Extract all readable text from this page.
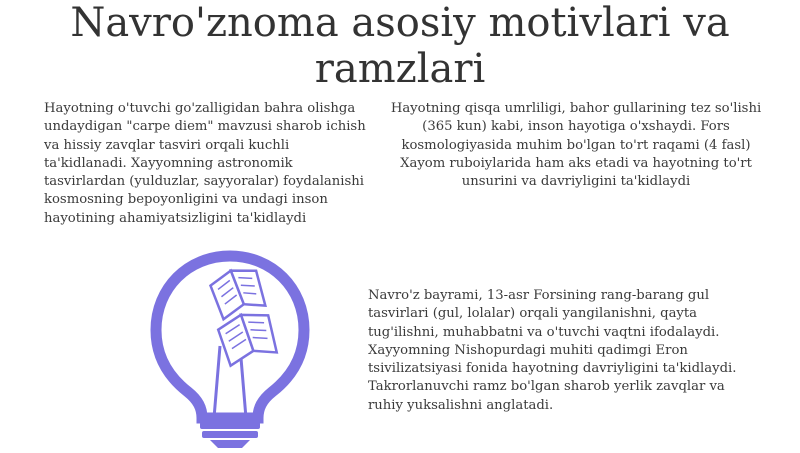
Navro'znoma asosiy motivlari va ramzlari

Hayotning o'tuvchi go'zalligidan bahra olishga undaydigan "carpe diem" mavzusi sharob ichish va hissiy zavqlar tasviri orqali kuchli ta'kidlanadi. Xayyomning astronomik tasvirlardan (yulduzlar, sayyoralar) foydalanishi kosmosning bepoyonligini va undagi inson hayotining ahamiyatsizligini ta'kidlaydi

Hayotning qisqa umrliligi, bahor gullarining tez so'lishi (365 kun) kabi, inson hayotiga o'xshaydi. Fors kosmologiyasida muhim bo'lgan to'rt raqami (4 fasl) Xayom ruboiylarida ham aks etadi va hayotning to'rt unsurini va davriyligini ta'kidlaydi

Navro'z bayrami, 13-asr Forsining rang-barang gul tasvirlari (gul, lolalar) orqali yangilanishni, qayta tug'ilishni, muhabbatni va o'tuvchi vaqtni ifodalaydi. Xayyomning Nishopurdagi muhiti qadimgi Eron tsivilizatsiyasi fonida hayotning davriyligini ta'kidlaydi. Takrorlanuvchi ramz bo'lgan sharob yerlik zavqlar va ruhiy yuksalishni anglatadi.
